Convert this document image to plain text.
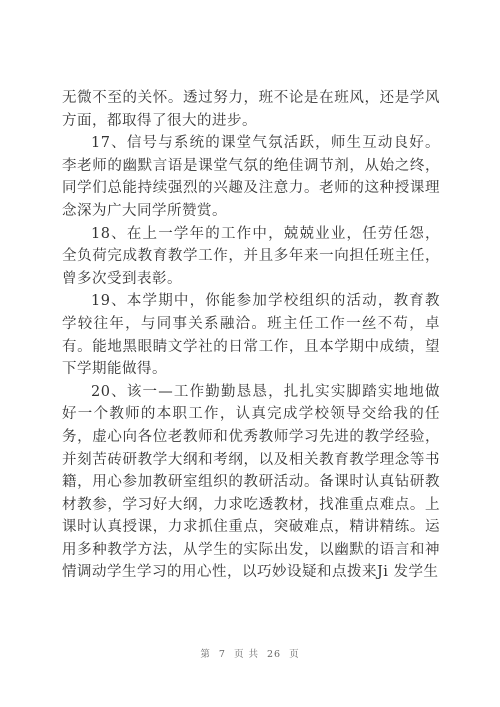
无微不至的关怀。透过努力，班不论是在班风，还是学风方面，都取得了很大的进步。

17、信号与系统的课堂气氛活跃，师生互动良好。李老师的幽默言语是课堂气氛的绝佳调节剂，从始之终，同学们总能持续强烈的兴趣及注意力。老师的这种授课理念深为广大同学所赞赏。

18、在上一学年的工作中，兢兢业业，任劳任怨，全负荷完成教育教学工作，并且多年来一向担任班主任，曾多次受到表彰。

19、本学期中，你能参加学校组织的活动，教育教学较往年，与同事关系融洽。班主任工作一丝不苟，卓有。能地黑眼睛文学社的日常工作，且本学期中成绩，望下学期能做得。

20、该一—工作勤勤恳恳，扎扎实实脚踏实地地做好一个教师的本职工作，认真完成学校领导交给我的任务，虚心向各位老教师和优秀教师学习先进的教学经验，并刻苦砖研教学大纲和考纲，以及相关教育教学理念等书籍，用心参加教研室组织的教研活动。备课时认真钻研教材教参，学习好大纲，力求吃透教材，找准重点难点。上课时认真授课，力求抓住重点，突破难点，精讲精练。运用多种教学方法，从学生的实际出发，以幽默的语言和神情调动学生学习的用心性，以巧妙设疑和点拨来Ji 发学生

第 7 页 共 26 页
